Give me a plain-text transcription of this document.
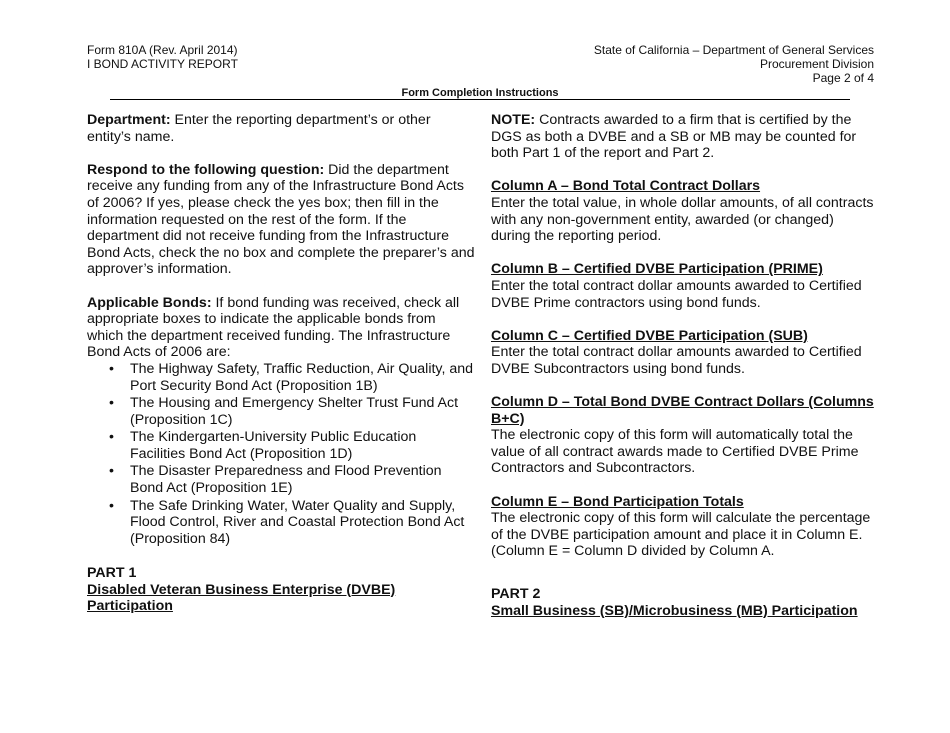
Form 810A (Rev. April 2014)
I BOND ACTIVITY REPORT
State of California – Department of General Services
Procurement Division
Page 2 of 4
Form Completion Instructions

Department: Enter the reporting department’s or other entity’s name.

Respond to the following question: Did the department receive any funding from any of the Infrastructure Bond Acts of 2006? If yes, please check the yes box; then fill in the information requested on the rest of the form. If the department did not receive funding from the Infrastructure Bond Acts, check the no box and complete the preparer’s and approver’s information.

Applicable Bonds: If bond funding was received, check all appropriate boxes to indicate the applicable bonds from which the department received funding. The Infrastructure Bond Acts of 2006 are:

• The Highway Safety, Traffic Reduction, Air Quality, and Port Security Bond Act (Proposition 1B)
• The Housing and Emergency Shelter Trust Fund Act (Proposition 1C)
• The Kindergarten-University Public Education Facilities Bond Act (Proposition 1D)
• The Disaster Preparedness and Flood Prevention Bond Act (Proposition 1E)
• The Safe Drinking Water, Water Quality and Supply, Flood Control, River and Coastal Protection Bond Act (Proposition 84)

PART 1

Disabled Veteran Business Enterprise (DVBE) Participation

NOTE: Contracts awarded to a firm that is certified by the DGS as both a DVBE and a SB or MB may be counted for both Part 1 of the report and Part 2.

Column A – Bond Total Contract Dollars

Enter the total value, in whole dollar amounts, of all contracts with any non-government entity, awarded (or changed) during the reporting period.

Column B – Certified DVBE Participation (PRIME)

Enter the total contract dollar amounts awarded to Certified DVBE Prime contractors using bond funds.

Column C – Certified DVBE Participation (SUB)

Enter the total contract dollar amounts awarded to Certified DVBE Subcontractors using bond funds.

Column D – Total Bond DVBE Contract Dollars (Columns B+C)

The electronic copy of this form will automatically total the value of all contract awards made to Certified DVBE Prime Contractors and Subcontractors.

Column E – Bond Participation Totals

The electronic copy of this form will calculate the percentage of the DVBE participation amount and place it in Column E. (Column E = Column D divided by Column A.

PART 2

Small Business (SB)/Microbusiness (MB) Participation
